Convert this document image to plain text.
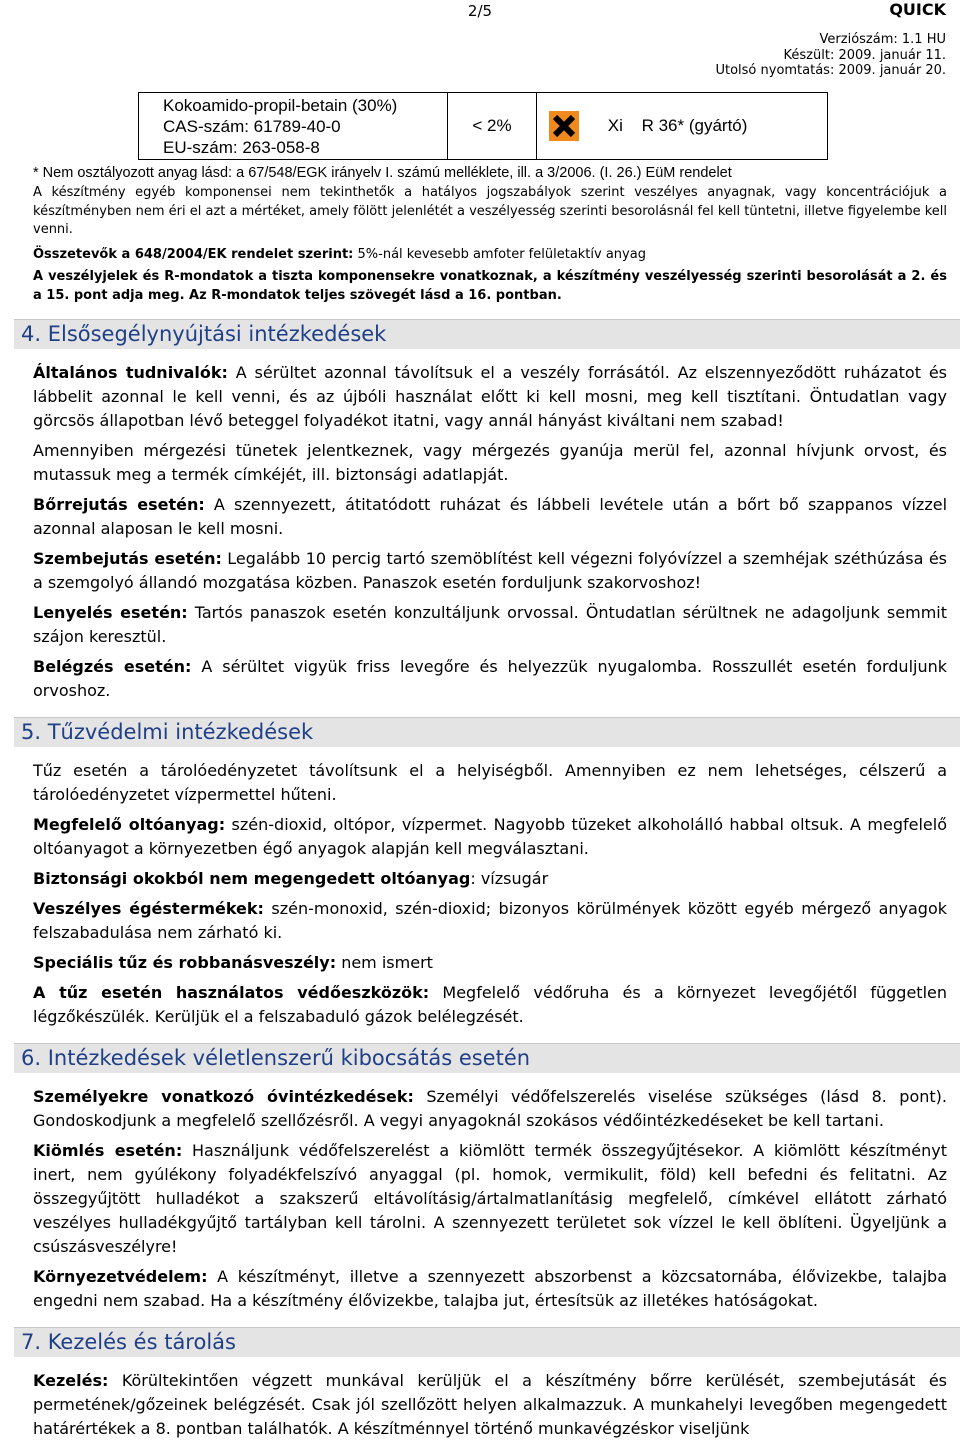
2/5	QUICK
Verziószám: 1.1 HU
Készült: 2009. január 11.
Utolsó nyomtatás: 2009. január 20.
Kokoamido-propil-betain (30%)
CAS-szám: 61789-40-0
EU-szám: 263-058-8
	< 2%	Xi R 36* (gyártó)

* Nem osztályozott anyag lásd: a 67/548/EGK irányelv I. számú melléklete, ill. a 3/2006. (I. 26.) EüM rendelet

A készítmény egyéb komponensei nem tekinthetők a hatályos jogszabályok szerint veszélyes anyagnak, vagy koncentrációjuk a készítményben nem éri el azt a mértéket, amely fölött jelenlétét a veszélyesség szerinti besorolásnál fel kell tüntetni, illetve figyelembe kell venni.

Összetevők a 648/2004/EK rendelet szerint: 5%-nál kevesebb amfoter felületaktív anyag

A veszélyjelek és R-mondatok a tiszta komponensekre vonatkoznak, a készítmény veszélyesség szerinti besorolását a 2. és a 15. pont adja meg. Az R-mondatok teljes szövegét lásd a 16. pontban.

4. Elsősegélynyújtási intézkedések

Általános tudnivalók: A sérültet azonnal távolítsuk el a veszély forrásától. Az elszennyeződött ruházatot és lábbelit azonnal le kell venni, és az újbóli használat előtt ki kell mosni, meg kell tisztítani. Öntudatlan vagy görcsös állapotban lévő beteggel folyadékot itatni, vagy annál hányást kiváltani nem szabad!

Amennyiben mérgezési tünetek jelentkeznek, vagy mérgezés gyanúja merül fel, azonnal hívjunk orvost, és mutassuk meg a termék címkéjét, ill. biztonsági adatlapját.

Bőrrejutás esetén: A szennyezett, átitatódott ruházat és lábbeli levétele után a bőrt bő szappanos vízzel azonnal alaposan le kell mosni.

Szembejutás esetén: Legalább 10 percig tartó szemöblítést kell végezni folyóvízzel a szemhéjak széthúzása és a szemgolyó állandó mozgatása közben. Panaszok esetén forduljunk szakorvoshoz!

Lenyelés esetén: Tartós panaszok esetén konzultáljunk orvossal. Öntudatlan sérültnek ne adagoljunk semmit szájon keresztül.

Belégzés esetén: A sérültet vigyük friss levegőre és helyezzük nyugalomba. Rosszullét esetén forduljunk orvoshoz.

5. Tűzvédelmi intézkedések

Tűz esetén a tárolóedényzetet távolítsunk el a helyiségből. Amennyiben ez nem lehetséges, célszerű a tárolóedényzetet vízpermettel hűteni.

Megfelelő oltóanyag: szén-dioxid, oltópor, vízpermet. Nagyobb tüzeket alkoholálló habbal oltsuk. A megfelelő oltóanyagot a környezetben égő anyagok alapján kell megválasztani.

Biztonsági okokból nem megengedett oltóanyag: vízsugár

Veszélyes égéstermékek: szén-monoxid, szén-dioxid; bizonyos körülmények között egyéb mérgező anyagok felszabadulása nem zárható ki.

Speciális tűz és robbanásveszély: nem ismert

A tűz esetén használatos védőeszközök: Megfelelő védőruha és a környezet levegőjétől független légzőkészülék. Kerüljük el a felszabaduló gázok belélegzését.

6. Intézkedések véletlenszerű kibocsátás esetén

Személyekre vonatkozó óvintézkedések: Személyi védőfelszerelés viselése szükséges (lásd 8. pont). Gondoskodjunk a megfelelő szellőzésről. A vegyi anyagoknál szokásos védőintézkedéseket be kell tartani.

Kiömlés esetén: Használjunk védőfelszerelést a kiömlött termék összegyűjtésekor. A kiömlött készítményt inert, nem gyúlékony folyadékfelszívó anyaggal (pl. homok, vermikulit, föld) kell befedni és felitatni. Az összegyűjtött hulladékot a szakszerű eltávolításig/ártalmatlanításig megfelelő, címkével ellátott zárható veszélyes hulladékgyűjtő tartályban kell tárolni. A szennyezett területet sok vízzel le kell öblíteni. Ügyeljünk a csúszásveszélyre!

Környezetvédelem: A készítményt, illetve a szennyezett abszorbenst a közcsatornába, élővizekbe, talajba engedni nem szabad. Ha a készítmény élővizekbe, talajba jut, értesítsük az illetékes hatóságokat.

7. Kezelés és tárolás

Kezelés: Körültekintően végzett munkával kerüljük el a készítmény bőrre kerülését, szembejutását és permetének/gőzeinek belégzését. Csak jól szellőzött helyen alkalmazzuk. A munkahelyi levegőben megengedett határértékek a 8. pontban találhatók. A készítménnyel történő munkavégzéskor viseljünk
